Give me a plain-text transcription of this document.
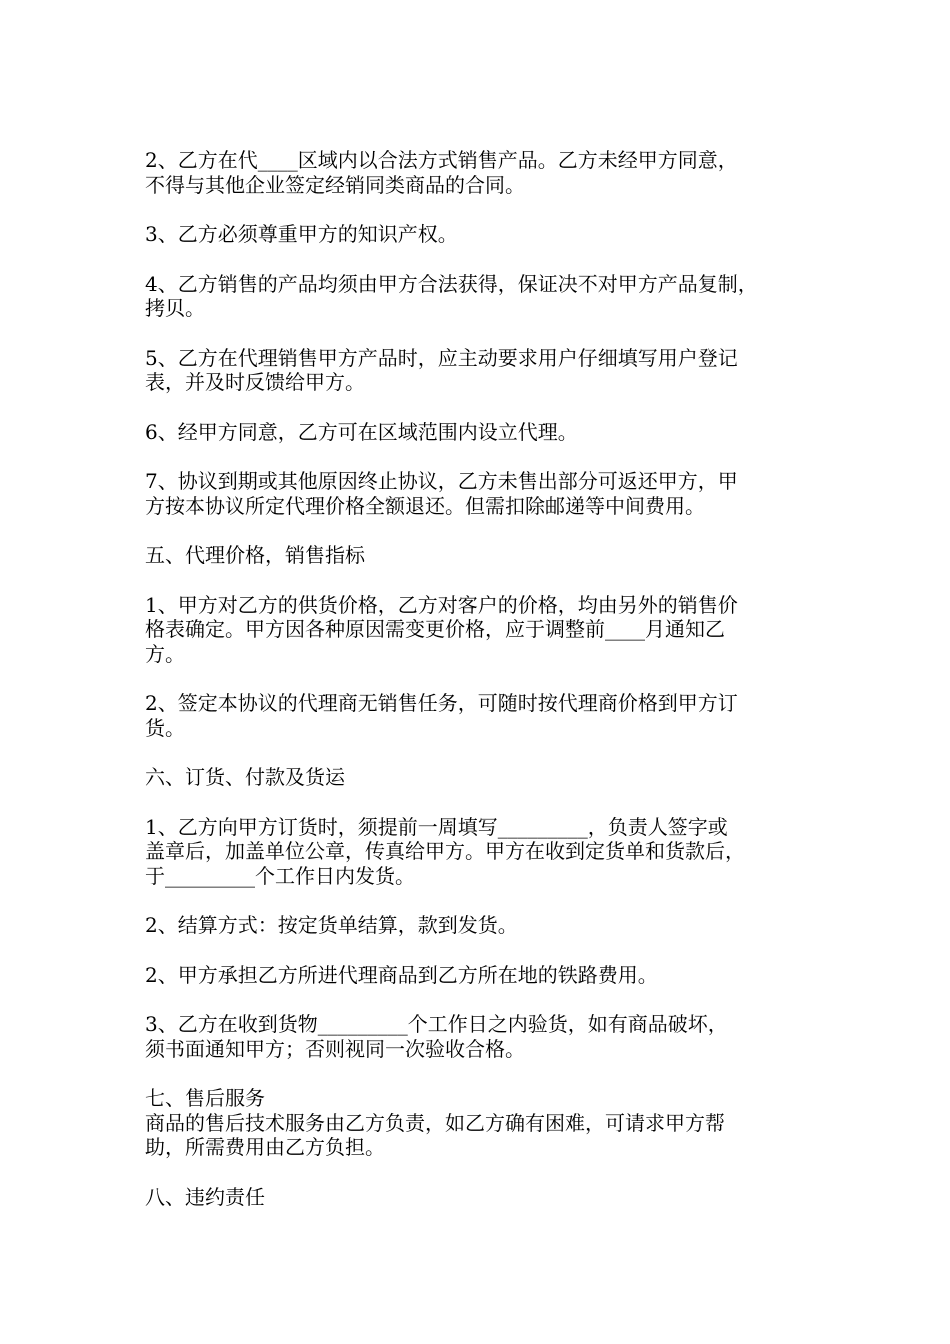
2、乙方在代____区域内以合法方式销售产品。乙方未经甲方同意，
不得与其他企业签定经销同类商品的合同。

3、乙方必须尊重甲方的知识产权。

4、乙方销售的产品均须由甲方合法获得，保证决不对甲方产品复制，
拷贝。

5、乙方在代理销售甲方产品时，应主动要求用户仔细填写用户登记
表，并及时反馈给甲方。

6、经甲方同意，乙方可在区域范围内设立代理。

7、协议到期或其他原因终止协议，乙方未售出部分可返还甲方，甲
方按本协议所定代理价格全额退还。但需扣除邮递等中间费用。

五、代理价格，销售指标

1、甲方对乙方的供货价格，乙方对客户的价格，均由另外的销售价
格表确定。甲方因各种原因需变更价格，应于调整前____月通知乙
方。

2、签定本协议的代理商无销售任务，可随时按代理商价格到甲方订
货。

六、订货、付款及货运

1、乙方向甲方订货时，须提前一周填写_________，负责人签字或
盖章后，加盖单位公章，传真给甲方。甲方在收到定货单和货款后，
于_________个工作日内发货。

2、结算方式：按定货单结算，款到发货。

2、甲方承担乙方所进代理商品到乙方所在地的铁路费用。

3、乙方在收到货物_________个工作日之内验货，如有商品破坏，
须书面通知甲方；否则视同一次验收合格。

七、售后服务

商品的售后技术服务由乙方负责，如乙方确有困难，可请求甲方帮
助，所需费用由乙方负担。

八、违约责任
